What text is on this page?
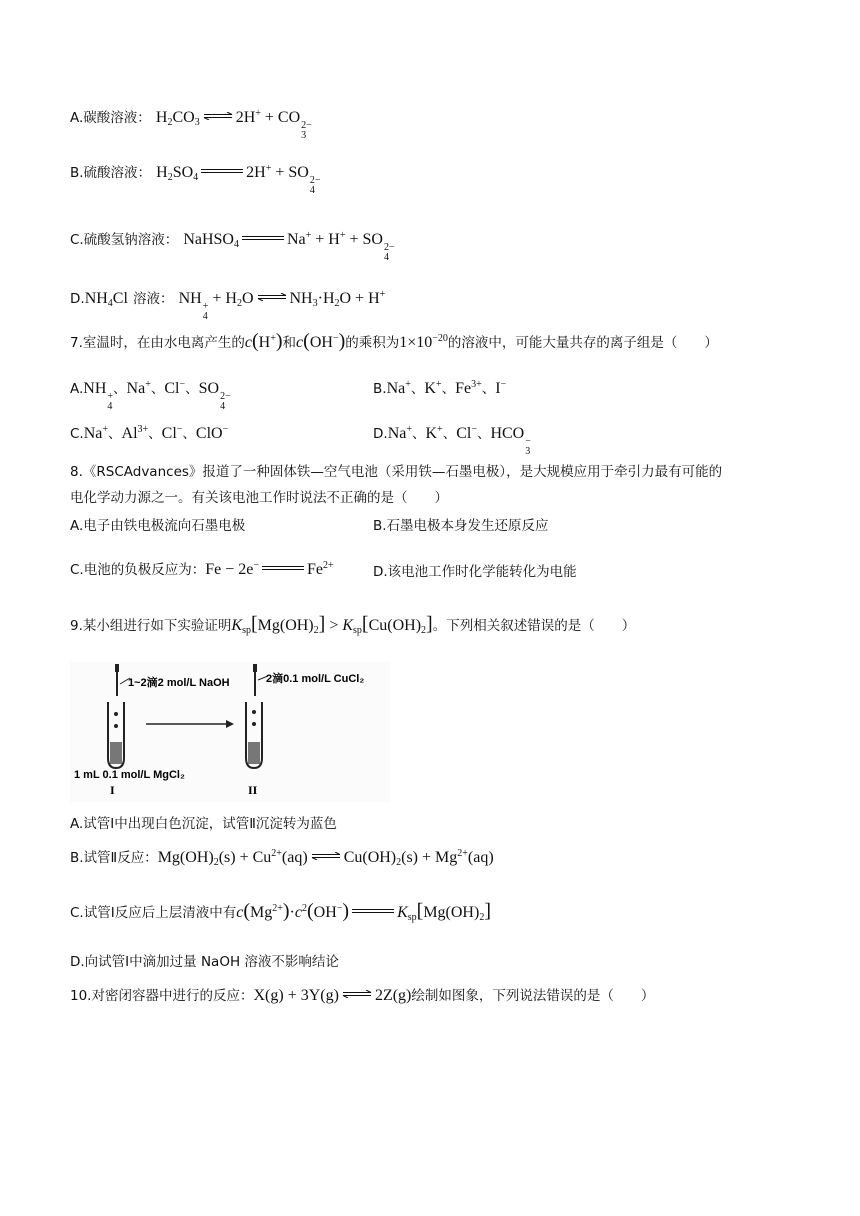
A.碳酸溶液： $H_2CO_3$ 2H+ + CO 2−
3
B.硫酸溶液： $H_2SO_4$	2H+ + SO 2−
4
C.硫酸氢钠溶液： NaHSO$_4$	Na+ + H+ + SO 2−
4
$D.NH_4Cl$ 溶液： NH +
4
+ $H_2O$ $NH_3\cdot H_2O + H^+$
7.室温时，在由水电离产生的c(H+)和c(OH−)的乘积为$1\times 10^{-20}$的溶液中，可能大量共存的离子组是（　　）
A.NH +
4
、Na+、Cl−、SO 2−
4
B.Na+、K+、$Fe^{3+}$、I−
C.Na+、$Al^{3+}$、Cl−、ClO−	D.Na+、K+、Cl−、HCO −
3
8.《RSCAdvances》报道了一种固体铁—空气电池（采用铁—石墨电极），是大规模应用于牵引力最有可能的
电化学动力源之一。有关该电池工作时说法不正确的是（　　）
A.电子由铁电极流向石墨电极	B.石墨电极本身发生还原反应
C.电池的负极反应为：Fe − 2e−	$Fe^{2+}$	D.该电池工作时化学能转化为电能
9.某小组进行如下实验证明$K_{sp}[Mg(OH)_2] > K_{sp}[Cu(OH)_2]$。下列相关叙述错误的是（　　）
1~2滴2 mol/L NaOH	2滴0.1 mol/L CuCl₂
1 mL 0.1 mol/L MgCl₂
I	II
A.试管Ⅰ中出现白色沉淀，试管Ⅱ沉淀转为蓝色
B.试管Ⅱ反应：$Mg(OH)_2(s) + Cu^{2+}(aq) Cu(OH)_2(s) + Mg^{2+}(aq)$
C.试管Ⅰ反应后上层清液中有$c(Mg^{2+})\cdot c^2(OH^-)$	$K_{sp}[Mg(OH)_2]$
D.向试管Ⅰ中滴加过量 NaOH 溶液不影响结论
10.对密闭容器中进行的反应：X(g) + 3Y(g) 2Z(g)绘制如图象，下列说法错误的是（　　）
